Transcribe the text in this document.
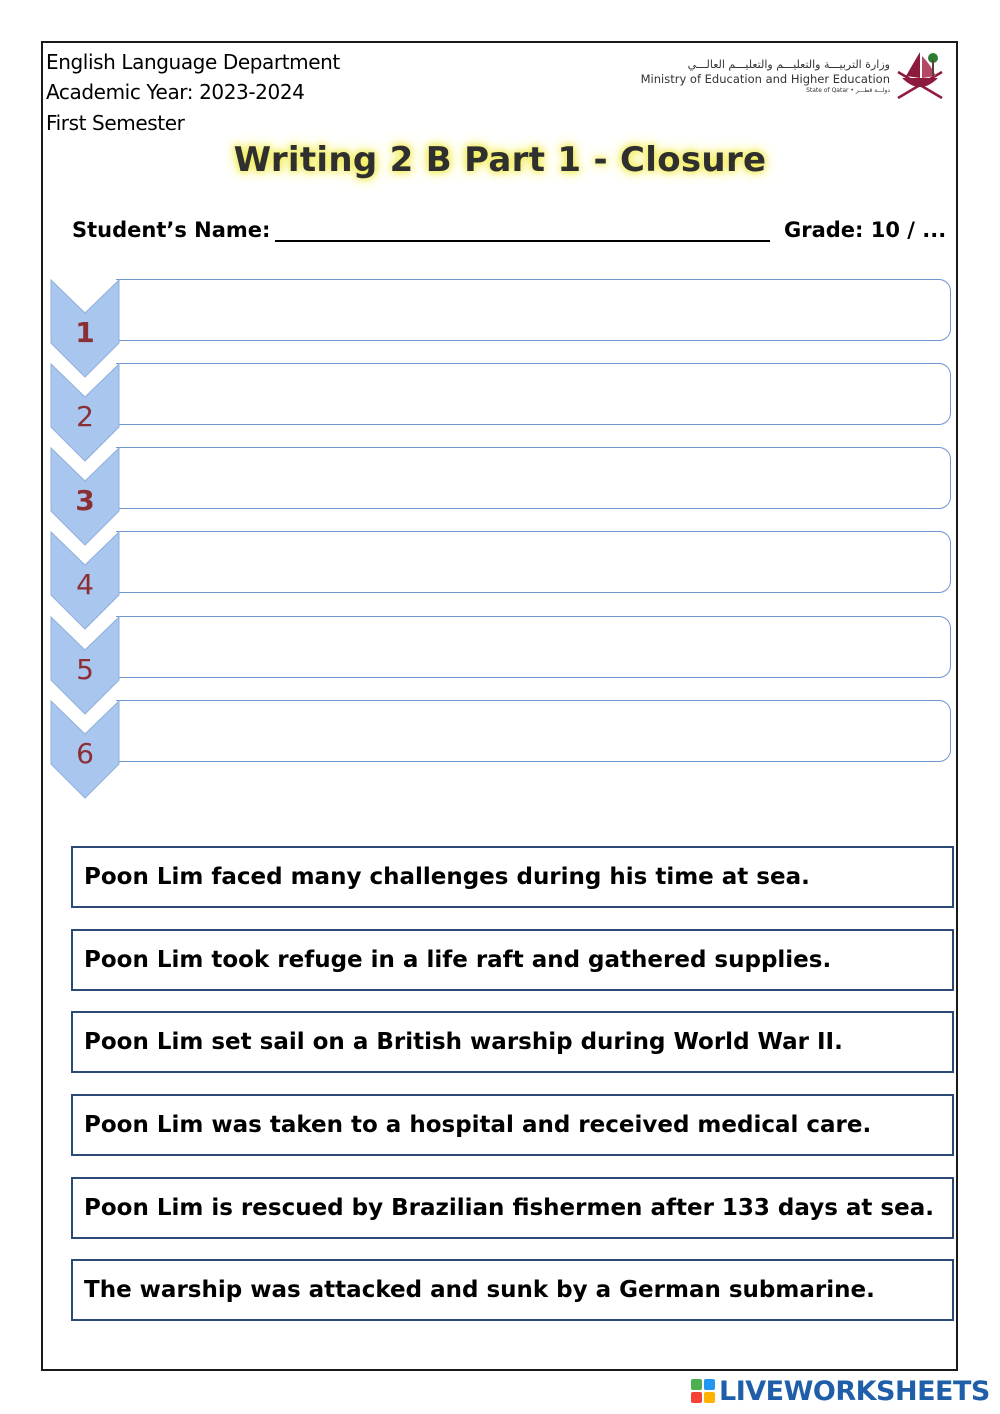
English Language Department
Academic Year: 2023-2024
First Semester
وزارة التربيـــة والتعليـــم والتعليـــم العالـــي
Ministry of Education and Higher Education
State of Qatar • دولـــة قطـــر
Writing 2 B Part 1 - Closure
Student’s Name:	Grade: 10 / ...
1
2
3
4
5
6
Poon Lim faced many challenges during his time at sea.
Poon Lim took refuge in a life raft and gathered supplies.
Poon Lim set sail on a British warship during World War II.
Poon Lim was taken to a hospital and received medical care.
Poon Lim is rescued by Brazilian fishermen after 133 days at sea.
The warship was attacked and sunk by a German submarine.
LIVEWORKSHEETS
